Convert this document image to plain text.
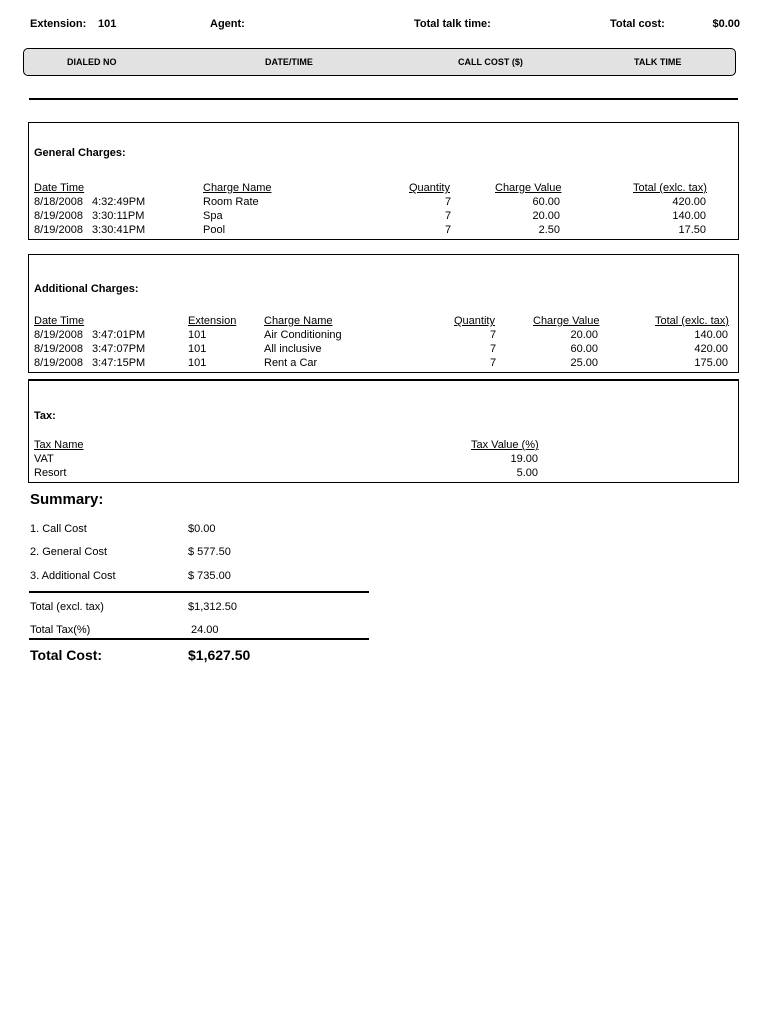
Extension: 101	Agent:	Total talk time:	Total cost:	$0.00
DIALED NO	DATE/TIME	CALL COST ($)	TALK TIME
General Charges:
Date Time	Charge Name	Quantity	Charge Value	Total (exlc. tax)
8/18/2008 4:32:49PM	Room Rate	7	60.00	420.00
8/19/2008 3:30:11PM	Spa	7	20.00	140.00
8/19/2008 3:30:41PM	Pool	7	2.50	17.50
Additional Charges:
Date Time	Extension	Charge Name	Quantity	Charge Value	Total (exlc. tax)
8/19/2008 3:47:01PM	101	Air Conditioning	7	20.00	140.00
8/19/2008 3:47:07PM	101	All inclusive	7	60.00	420.00
8/19/2008 3:47:15PM	101	Rent a Car	7	25.00	175.00
Tax:
Tax Name	Tax Value (%)
VAT	19.00
Resort	5.00
Summary:
1. Call Cost	$0.00
2. General Cost	$ 577.50
3. Additional Cost	$ 735.00
Total (excl. tax)	$1,312.50
Total Tax(%)	24.00
Total Cost:	$1,627.50
